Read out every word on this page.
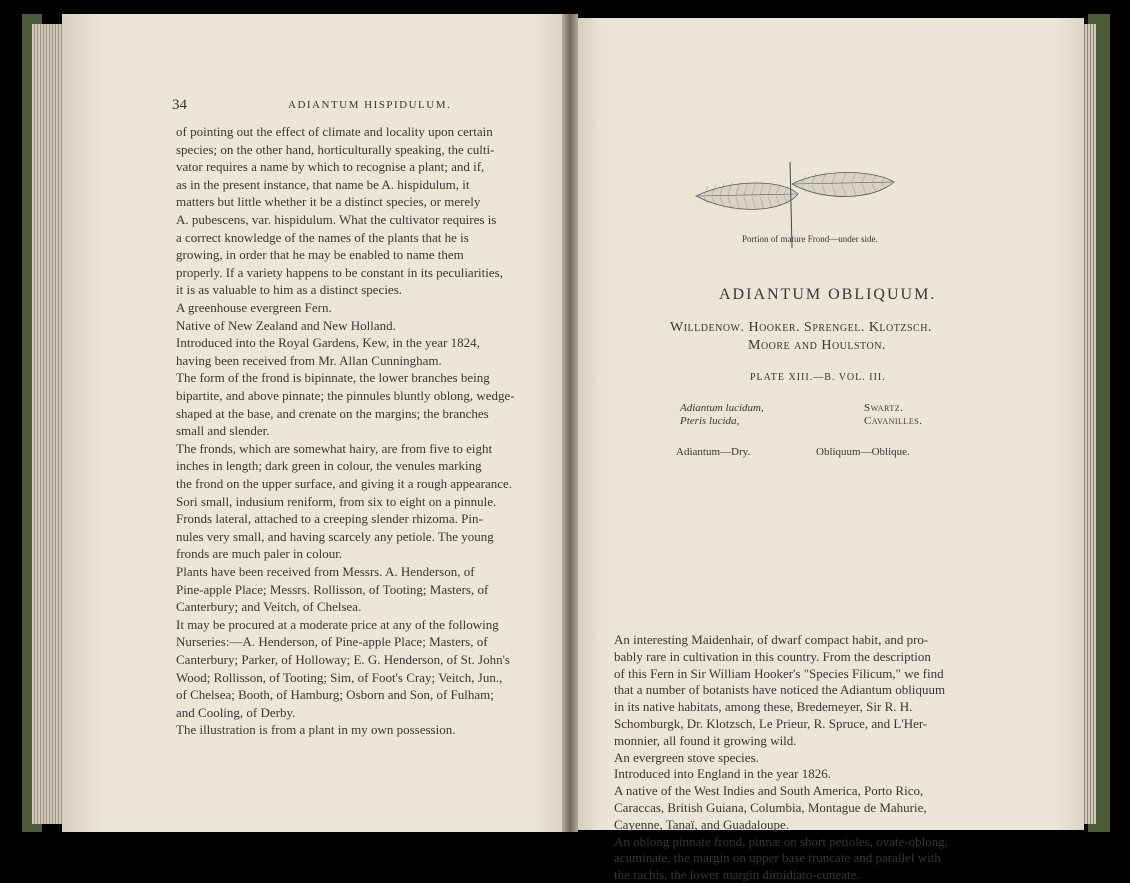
34	ADIANTUM HISPIDULUM.
of pointing out the effect of climate and locality upon certain
species; on the other hand, horticulturally speaking, the culti-
vator requires a name by which to recognise a plant; and if,
as in the present instance, that name be A. hispidulum, it
matters but little whether it be a distinct species, or merely
A. pubescens, var. hispidulum. What the cultivator requires is
a correct knowledge of the names of the plants that he is
growing, in order that he may be enabled to name them
properly. If a variety happens to be constant in its peculiarities,
it is as valuable to him as a distinct species.
A greenhouse evergreen Fern.
Native of New Zealand and New Holland.
Introduced into the Royal Gardens, Kew, in the year 1824,
having been received from Mr. Allan Cunningham.
The form of the frond is bipinnate, the lower branches being
bipartite, and above pinnate; the pinnules bluntly oblong, wedge-
shaped at the base, and crenate on the margins; the branches
small and slender.
The fronds, which are somewhat hairy, are from five to eight
inches in length; dark green in colour, the venules marking
the frond on the upper surface, and giving it a rough appearance.
Sori small, indusium reniform, from six to eight on a pinnule.
Fronds lateral, attached to a creeping slender rhizoma. Pin-
nules very small, and having scarcely any petiole. The young
fronds are much paler in colour.
Plants have been received from Messrs. A. Henderson, of
Pine-apple Place; Messrs. Rollisson, of Tooting; Masters, of
Canterbury; and Veitch, of Chelsea.
It may be procured at a moderate price at any of the following
Nurseries:—A. Henderson, of Pine-apple Place; Masters, of
Canterbury; Parker, of Holloway; E. G. Henderson, of St. John's
Wood; Rollisson, of Tooting; Sim, of Foot's Cray; Veitch, Jun.,
of Chelsea; Booth, of Hamburg; Osborn and Son, of Fulham;
and Cooling, of Derby.
The illustration is from a plant in my own possession.
Portion of mature Frond—under side.
ADIANTUM OBLIQUUM.
Willdenow. Hooker. Sprengel. Klotzsch.
Moore and Houlston.
PLATE XIII.—B. VOL. III.
Adiantum lucidum,	Swartz.
Pteris lucida,	Cavanilles.
Adiantum—Dry.	Obliquum—Oblique.
An interesting Maidenhair, of dwarf compact habit, and pro-
bably rare in cultivation in this country. From the description
of this Fern in Sir William Hooker's "Species Filicum," we find
that a number of botanists have noticed the Adiantum obliquum
in its native habitats, among these, Bredemeyer, Sir R. H.
Schomburgk, Dr. Klotzsch, Le Prieur, R. Spruce, and L'Her-
monnier, all found it growing wild.
An evergreen stove species.
Introduced into England in the year 1826.
A native of the West Indies and South America, Porto Rico,
Caraccas, British Guiana, Columbia, Montague de Mahurie,
Cayenne, Tanaï, and Guadaloupe.
An oblong pinnate frond, pinnæ on short petioles, ovate-oblong,
acuminate, the margin on upper base truncate and parallel with
the rachis, the lower margin dimidiato-cuneate.
